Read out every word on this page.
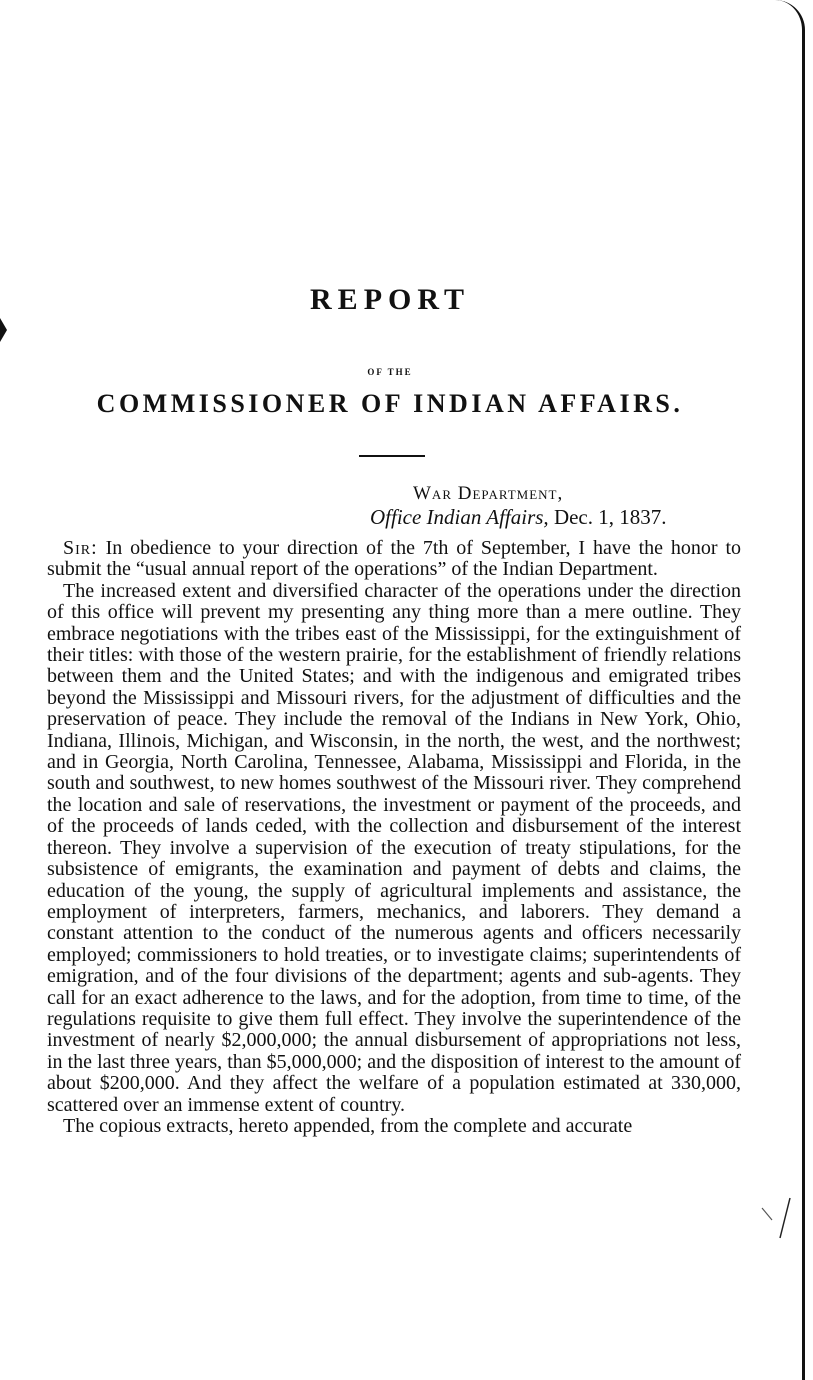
REPORT
OF THE
COMMISSIONER OF INDIAN AFFAIRS.
War Department,
Office Indian Affairs, Dec. 1, 1837.

Sir: In obedience to your direction of the 7th of September, I have the honor to submit the “usual annual report of the operations” of the Indian Department.

The increased extent and diversified character of the operations under the direction of this office will prevent my presenting any thing more than a mere outline. They embrace negotiations with the tribes east of the Mississippi, for the extinguishment of their titles: with those of the western prairie, for the establishment of friendly relations between them and the United States; and with the indigenous and emigrated tribes beyond the Mississippi and Missouri rivers, for the adjustment of difficulties and the preservation of peace. They include the removal of the Indians in New York, Ohio, Indiana, Illinois, Michigan, and Wisconsin, in the north, the west, and the northwest; and in Georgia, North Carolina, Tennessee, Alabama, Mississippi and Florida, in the south and southwest, to new homes southwest of the Missouri river. They comprehend the location and sale of reservations, the investment or payment of the proceeds, and of the proceeds of lands ceded, with the collection and disbursement of the interest thereon. They involve a supervision of the execution of treaty stipulations, for the subsistence of emigrants, the examination and payment of debts and claims, the education of the young, the supply of agricultural implements and assistance, the employment of interpreters, farmers, mechanics, and laborers. They demand a constant attention to the conduct of the numerous agents and officers necessarily employed; commissioners to hold treaties, or to investigate claims; superintendents of emigration, and of the four divisions of the department; agents and sub-agents. They call for an exact adherence to the laws, and for the adoption, from time to time, of the regulations requisite to give them full effect. They involve the superintendence of the investment of nearly $2,000,000; the annual disbursement of appropriations not less, in the last three years, than $5,000,000; and the disposition of interest to the amount of about $200,000. And they affect the welfare of a population estimated at 330,000, scattered over an immense extent of country.

The copious extracts, hereto appended, from the complete and accurate
